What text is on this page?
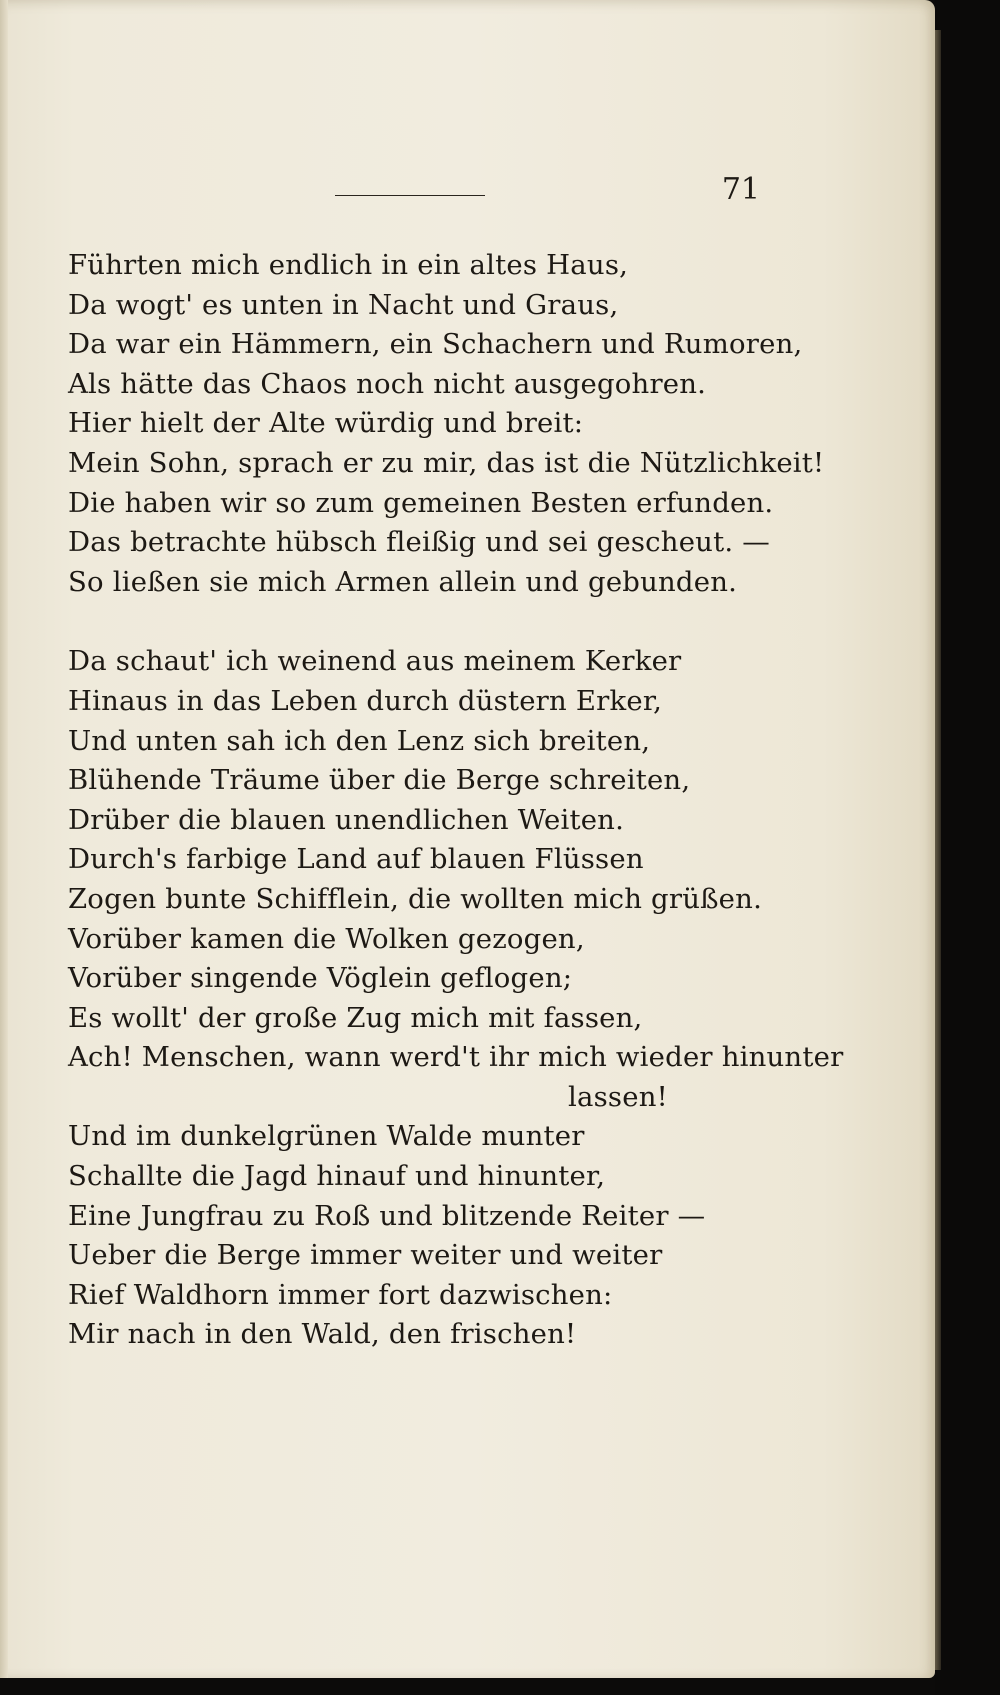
71
Führten mich endlich in ein altes Haus,
Da wogt' es unten in Nacht und Graus,
Da war ein Hämmern, ein Schachern und Rumoren,
Als hätte das Chaos noch nicht ausgegohren.
Hier hielt der Alte würdig und breit:
Mein Sohn, sprach er zu mir, das ist die Nützlichkeit!
Die haben wir so zum gemeinen Besten erfunden.
Das betrachte hübsch fleißig und sei gescheut. —
So ließen sie mich Armen allein und gebunden.
Da schaut' ich weinend aus meinem Kerker
Hinaus in das Leben durch düstern Erker,
Und unten sah ich den Lenz sich breiten,
Blühende Träume über die Berge schreiten,
Drüber die blauen unendlichen Weiten.
Durch's farbige Land auf blauen Flüssen
Zogen bunte Schifflein, die wollten mich grüßen.
Vorüber kamen die Wolken gezogen,
Vorüber singende Vöglein geflogen;
Es wollt' der große Zug mich mit fassen,
Ach! Menschen, wann werd't ihr mich wieder hinunter
lassen!
Und im dunkelgrünen Walde munter
Schallte die Jagd hinauf und hinunter,
Eine Jungfrau zu Roß und blitzende Reiter —
Ueber die Berge immer weiter und weiter
Rief Waldhorn immer fort dazwischen:
Mir nach in den Wald, den frischen!
